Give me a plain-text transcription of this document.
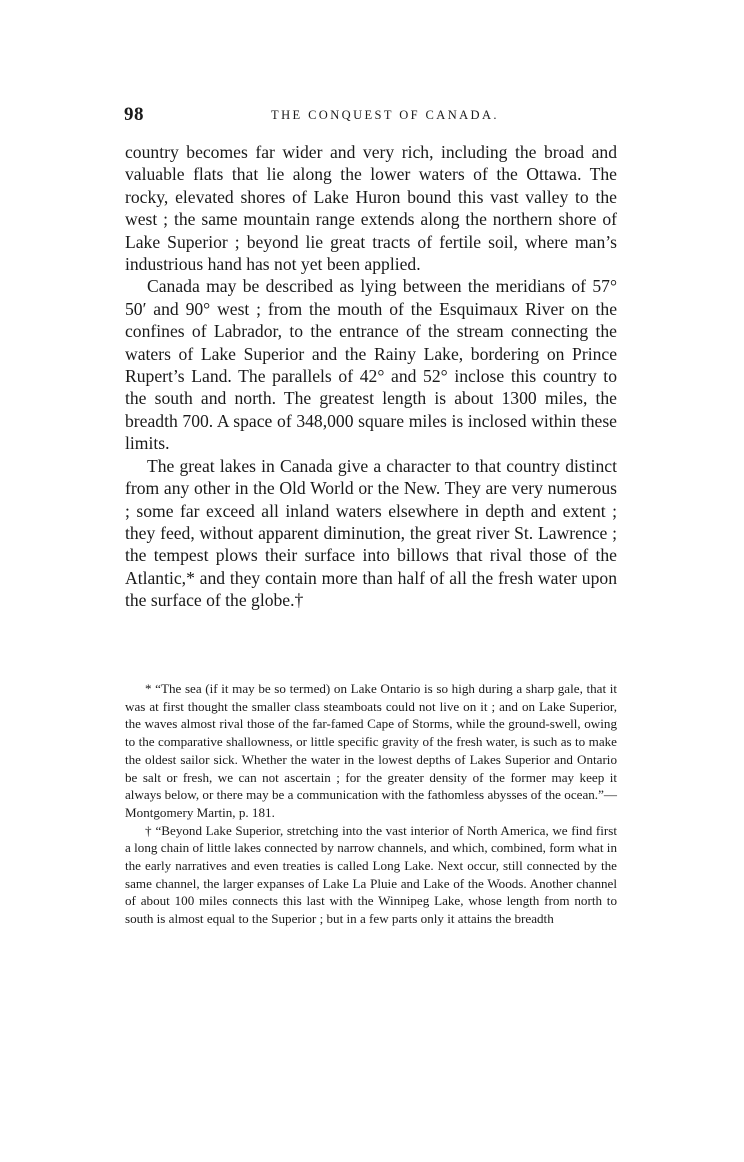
98	THE CONQUEST OF CANADA.

country becomes far wider and very rich, including the broad and valuable flats that lie along the lower waters of the Ottawa. The rocky, elevated shores of Lake Huron bound this vast valley to the west ; the same mountain range extends along the northern shore of Lake Superior ; beyond lie great tracts of fertile soil, where man’s industrious hand has not yet been applied.

Canada may be described as lying between the meridians of 57° 50′ and 90° west ; from the mouth of the Esquimaux River on the confines of Labrador, to the entrance of the stream connecting the waters of Lake Superior and the Rainy Lake, bordering on Prince Rupert’s Land. The parallels of 42° and 52° inclose this country to the south and north. The greatest length is about 1300 miles, the breadth 700. A space of 348,000 square miles is inclosed within these limits.

The great lakes in Canada give a character to that country distinct from any other in the Old World or the New. They are very numerous ; some far exceed all inland waters elsewhere in depth and extent ; they feed, without apparent diminution, the great river St. Lawrence ; the tempest plows their surface into billows that rival those of the Atlantic,* and they contain more than half of all the fresh water upon the surface of the globe.†

* “The sea (if it may be so termed) on Lake Ontario is so high during a sharp gale, that it was at first thought the smaller class steamboats could not live on it ; and on Lake Superior, the waves almost rival those of the far-famed Cape of Storms, while the ground-swell, owing to the comparative shallowness, or little specific gravity of the fresh water, is such as to make the oldest sailor sick. Whether the water in the lowest depths of Lakes Superior and Ontario be salt or fresh, we can not ascertain ; for the greater density of the former may keep it always below, or there may be a communication with the fathomless abysses of the ocean.”—Montgomery Martin, p. 181.

† “Beyond Lake Superior, stretching into the vast interior of North America, we find first a long chain of little lakes connected by narrow channels, and which, combined, form what in the early narratives and even treaties is called Long Lake. Next occur, still connected by the same channel, the larger expanses of Lake La Pluie and Lake of the Woods. Another channel of about 100 miles connects this last with the Winnipeg Lake, whose length from north to south is almost equal to the Superior ; but in a few parts only it attains the breadth
